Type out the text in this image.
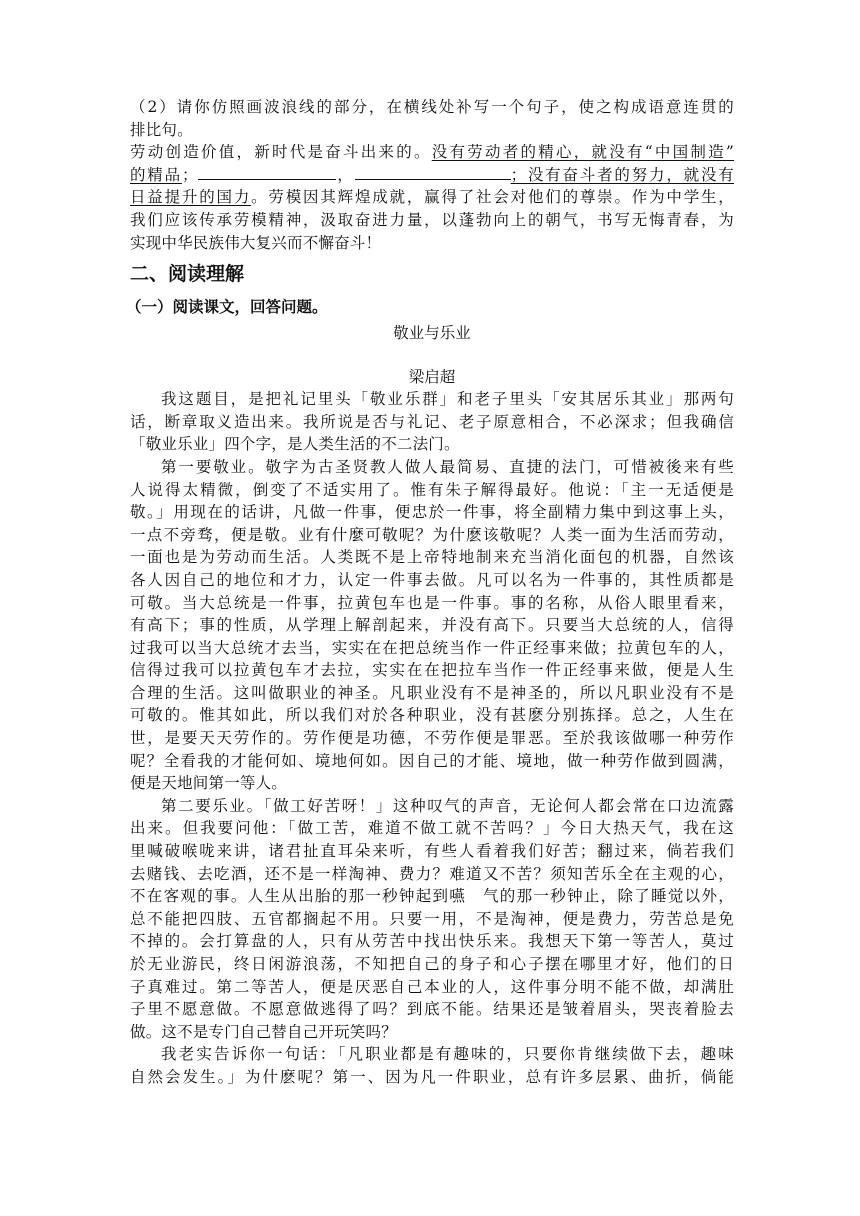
（2）请你仿照画波浪线的部分，在横线处补写一个句子，使之构成语意连贯的
排比句。
劳动创造价值，新时代是奋斗出来的。没有劳动者的精心，就没有“中国制造”
的精品；	，	；没有奋斗者的努力，就没有
日益提升的国力。劳模因其辉煌成就，赢得了社会对他们的尊崇。作为中学生，
我们应该传承劳模精神，汲取奋进力量，以蓬勃向上的朝气，书写无悔青春，为
实现中华民族伟大复兴而不懈奋斗！
二、阅读理解
（一）阅读课文，回答问题。
敬业与乐业
梁启超
我这题目，是把礼记里头「敬业乐群」和老子里头「安其居乐其业」那两句
话，断章取义造出来。我所说是否与礼记、老子原意相合，不必深求；但我确信
「敬业乐业」四个字，是人类生活的不二法门。
第一要敬业。敬字为古圣贤教人做人最简易、直捷的法门，可惜被後来有些
人说得太精微，倒变了不适实用了。惟有朱子解得最好。他说：「主一无适便是
敬。」用现在的话讲，凡做一件事，便忠於一件事，将全副精力集中到这事上头，
一点不旁骛，便是敬。业有什麼可敬呢？为什麽该敬呢？人类一面为生活而劳动，
一面也是为劳动而生活。人类既不是上帝特地制来充当消化面包的机器，自然该
各人因自己的地位和才力，认定一件事去做。凡可以名为一件事的，其性质都是
可敬。当大总统是一件事，拉黄包车也是一件事。事的名称，从俗人眼里看来，
有高下；事的性质，从学理上解剖起来，并没有高下。只要当大总统的人，信得
过我可以当大总统才去当，实实在在把总统当作一件正经事来做；拉黄包车的人，
信得过我可以拉黄包车才去拉，实实在在把拉车当作一件正经事来做，便是人生
合理的生活。这叫做职业的神圣。凡职业没有不是神圣的，所以凡职业没有不是
可敬的。惟其如此，所以我们对於各种职业，没有甚麽分别拣择。总之，人生在
世，是要天天劳作的。劳作便是功德，不劳作便是罪恶。至於我该做哪一种劳作
呢？全看我的才能何如、境地何如。因自己的才能、境地，做一种劳作做到圆满，
便是天地间第一等人。
第二要乐业。「做工好苦呀！」这种叹气的声音，无论何人都会常在口边流露
出来。但我要问他：「做工苦，难道不做工就不苦吗？」今日大热天气，我在这
里喊破喉咙来讲，诸君扯直耳朵来听，有些人看着我们好苦；翻过来，倘若我们
去赌钱、去吃酒，还不是一样淘神、费力？难道又不苦？须知苦乐全在主观的心，
不在客观的事。人生从出胎的那一秒钟起到嚥　气的那一秒钟止，除了睡觉以外，
总不能把四肢、五官都搁起不用。只要一用，不是淘神，便是费力，劳苦总是免
不掉的。会打算盘的人，只有从劳苦中找出快乐来。我想天下第一等苦人，莫过
於无业游民，终日闲游浪荡，不知把自己的身子和心子摆在哪里才好，他们的日
子真难过。第二等苦人，便是厌恶自己本业的人，这件事分明不能不做，却满肚
子里不愿意做。不愿意做逃得了吗？到底不能。结果还是皱着眉头，哭丧着脸去
做。这不是专门自己替自己开玩笑吗？
我老实告诉你一句话：「凡职业都是有趣味的，只要你肯继续做下去，趣味
自然会发生。」为什麽呢？第一、因为凡一件职业，总有许多层累、曲折，倘能
